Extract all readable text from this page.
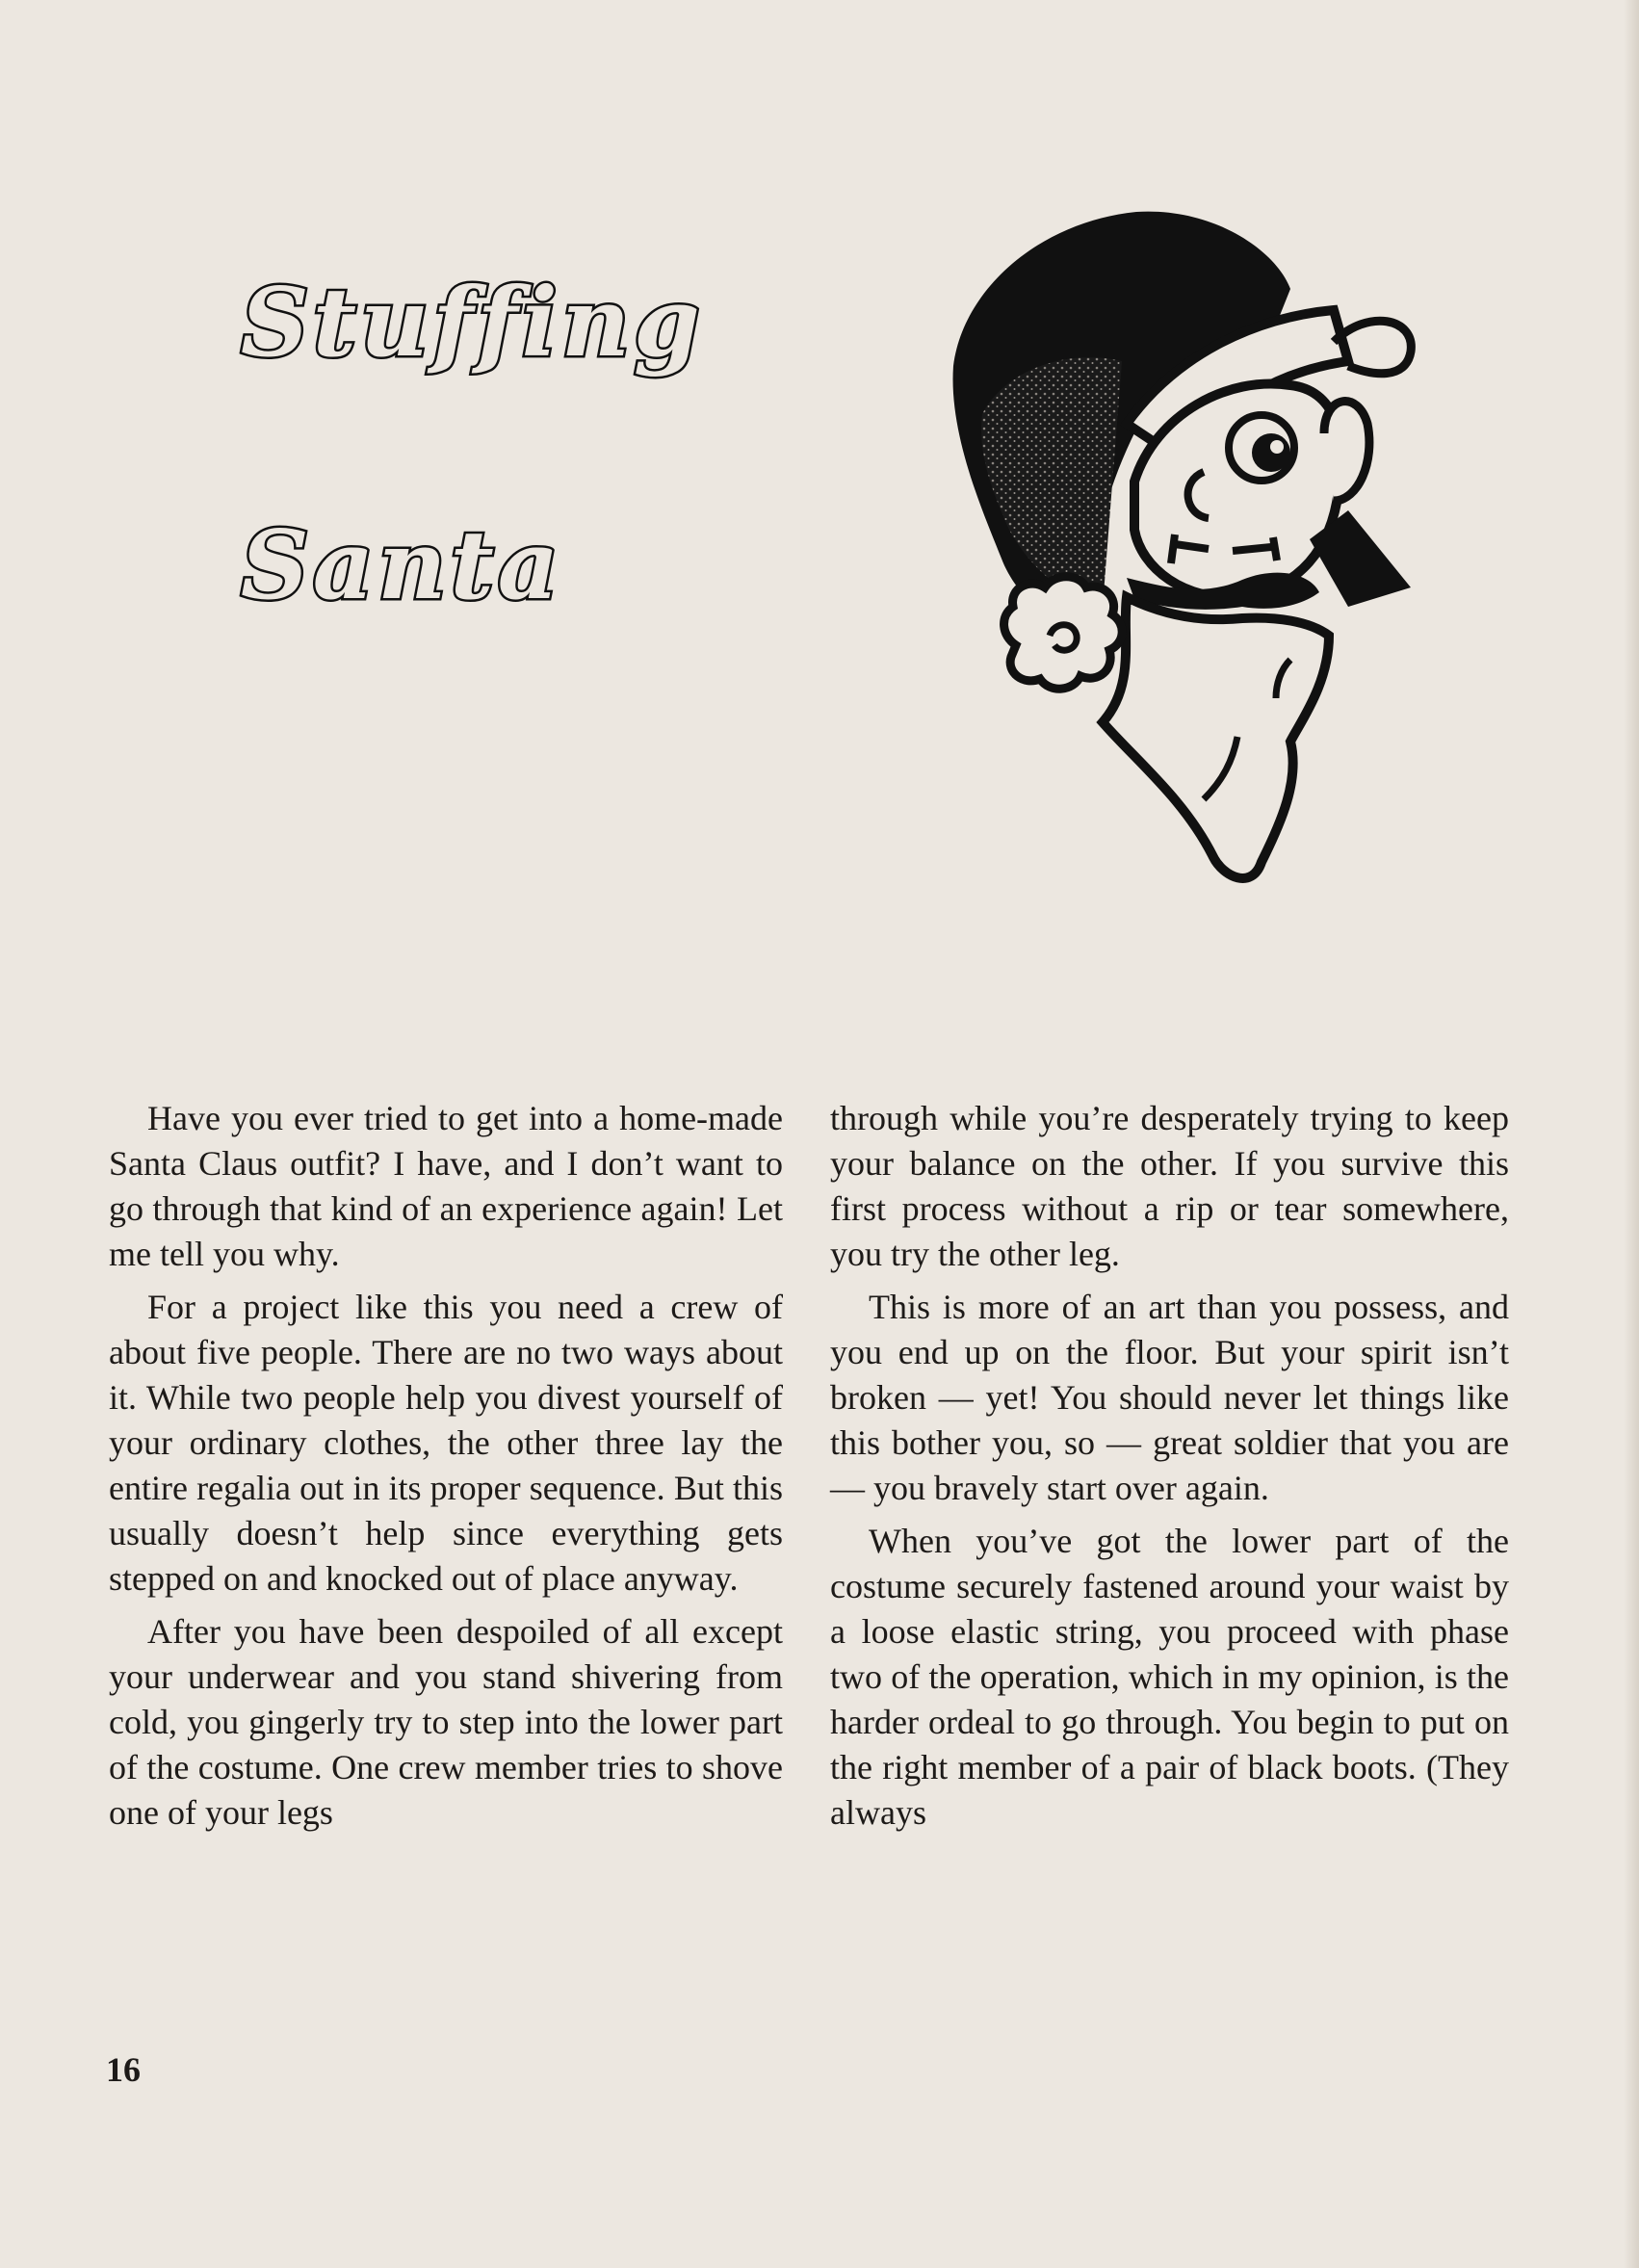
Stuffing
Santa

Have you ever tried to get into a home-made Santa Claus outfit? I have, and I don’t want to go through that kind of an experience again! Let me tell you why.

For a project like this you need a crew of about five people. There are no two ways about it. While two people help you divest yourself of your ordinary clothes, the other three lay the entire regalia out in its proper sequence. But this usually doesn’t help since everything gets stepped on and knocked out of place anyway.

After you have been despoiled of all except your underwear and you stand shivering from cold, you gingerly try to step into the lower part of the costume. One crew member tries to shove one of your legs

through while you’re desperately trying to keep your balance on the other. If you survive this first process without a rip or tear somewhere, you try the other leg.

This is more of an art than you possess, and you end up on the floor. But your spirit isn’t broken — yet! You should never let things like this bother you, so — great soldier that you are — you bravely start over again.

When you’ve got the lower part of the costume securely fastened around your waist by a loose elastic string, you proceed with phase two of the operation, which in my opinion, is the harder ordeal to go through. You begin to put on the right member of a pair of black boots. (They always

16
